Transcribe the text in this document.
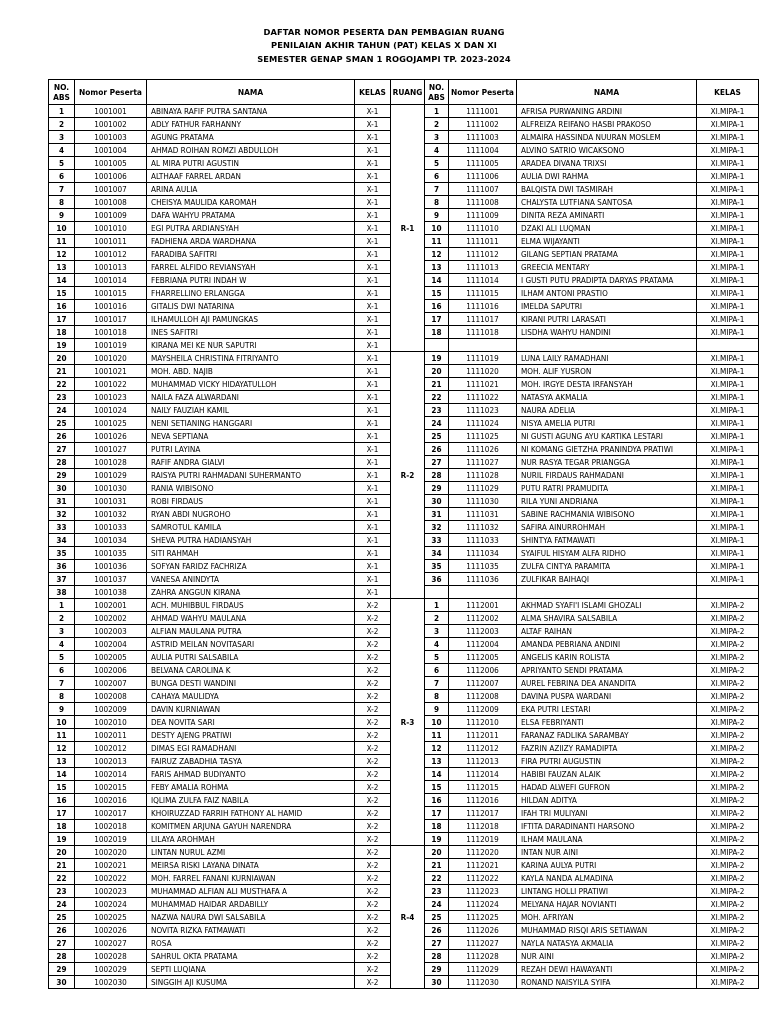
DAFTAR NOMOR PESERTA DAN PEMBAGIAN RUANG
PENILAIAN AKHIR TAHUN (PAT) KELAS X DAN XI
SEMESTER GENAP SMAN 1 ROGOJAMPI TP. 2023-2024
NO. ABS	Nomor Peserta	NAMA	KELAS	RUANG	NO. ABS	Nomor Peserta	NAMA	KELAS
1	1001001	ABINAYA RAFIF PUTRA SANTANA	X-1	R-1	1	1111001	AFRISA PURWANING ARDINI	XI.MIPA-1
2	1001002	ADLY FATHUR FARHANNY	X-1		2	1111002	ALFREIZA REIFANO HASBI PRAKOSO	XI.MIPA-1
3	1001003	AGUNG PRATAMA	X-1		3	1111003	ALMAIRA HASSINDA NUURAN MOSLEM	XI.MIPA-1
4	1001004	AHMAD ROIHAN ROMZI ABDULLOH	X-1		4	1111004	ALVINO SATRIO WICAKSONO	XI.MIPA-1
5	1001005	AL MIRA PUTRI AGUSTIN	X-1		5	1111005	ARADEA DIVANA TRIXSI	XI.MIPA-1
6	1001006	ALTHAAF FARREL ARDAN	X-1		6	1111006	AULIA DWI RAHMA	XI.MIPA-1
7	1001007	ARINA AULIA	X-1		7	1111007	BALQISTA DWI TASMIRAH	XI.MIPA-1
8	1001008	CHEISYA MAULIDA KAROMAH	X-1		8	1111008	CHALYSTA LUTFIANA SANTOSA	XI.MIPA-1
9	1001009	DAFA WAHYU PRATAMA	X-1		9	1111009	DINITA REZA AMINARTI	XI.MIPA-1
10	1001010	EGI PUTRA ARDIANSYAH	X-1		10	1111010	DZAKI ALI LUQMAN	XI.MIPA-1
11	1001011	FADHIENA ARDA WARDHANA	X-1		11	1111011	ELMA WIJAYANTI	XI.MIPA-1
12	1001012	FARADIBA SAFITRI	X-1		12	1111012	GILANG SEPTIAN PRATAMA	XI.MIPA-1
13	1001013	FARREL ALFIDO REVIANSYAH	X-1		13	1111013	GREECIA MENTARY	XI.MIPA-1
14	1001014	FEBRIANA PUTRI INDAH W	X-1		14	1111014	I GUSTI PUTU PRADIPTA DARYAS PRATAMA	XI.MIPA-1
15	1001015	FHARRELLINO ERLANGGA	X-1		15	1111015	ILHAM ANTONI PRASTIO	XI.MIPA-1
16	1001016	GITALIS DWI NATARINA	X-1		16	1111016	IMELDA SAPUTRI	XI.MIPA-1
17	1001017	ILHAMULLOH AJI PAMUNGKAS	X-1		17	1111017	KIRANI PUTRI LARASATI	XI.MIPA-1
18	1001018	INES SAFITRI	X-1		18	1111018	LISDHA WAHYU HANDINI	XI.MIPA-1
19	1001019	KIRANA MEI KE NUR SAPUTRI	X-1					
20	1001020	MAYSHEILA CHRISTINA FITRIYANTO	X-1	R-2	19	1111019	LUNA LAILY RAMADHANI	XI.MIPA-1
21	1001021	MOH. ABD. NAJIB	X-1		20	1111020	MOH. ALIF YUSRON	XI.MIPA-1
22	1001022	MUHAMMAD VICKY HIDAYATULLOH	X-1		21	1111021	MOH. IRGYE DESTA IRFANSYAH	XI.MIPA-1
23	1001023	NAILA FAZA ALWARDANI	X-1		22	1111022	NATASYA AKMALIA	XI.MIPA-1
24	1001024	NAILY FAUZIAH KAMIL	X-1		23	1111023	NAURA ADELIA	XI.MIPA-1
25	1001025	NENI SETIANING HANGGARI	X-1		24	1111024	NISYA AMELIA PUTRI	XI.MIPA-1
26	1001026	NEVA SEPTIANA	X-1		25	1111025	NI GUSTI AGUNG AYU KARTIKA LESTARI	XI.MIPA-1
27	1001027	PUTRI LAYINA	X-1		26	1111026	NI KOMANG GIETZHA PRANINDYA PRATIWI	XI.MIPA-1
28	1001028	RAFIF ANDRA GIALVI	X-1		27	1111027	NUR RASYA TEGAR PRIANGGA	XI.MIPA-1
29	1001029	RAISYA PUTRI RAHMADANI SUHERMANTO	X-1		28	1111028	NURIL FIRDAUS RAHMADANI	XI.MIPA-1
30	1001030	RANIA WIBISONO	X-1		29	1111029	PUTU RATRI PRAMUDITA	XI.MIPA-1
31	1001031	ROBI FIRDAUS	X-1		30	1111030	RILA YUNI ANDRIANA	XI.MIPA-1
32	1001032	RYAN ABDI NUGROHO	X-1		31	1111031	SABINE RACHMANIA WIBISONO	XI.MIPA-1
33	1001033	SAMROTUL KAMILA	X-1		32	1111032	SAFIRA AINURROHMAH	XI.MIPA-1
34	1001034	SHEVA PUTRA HADIANSYAH	X-1		33	1111033	SHINTYA FATMAWATI	XI.MIPA-1
35	1001035	SITI RAHMAH	X-1		34	1111034	SYAIFUL HISYAM ALFA RIDHO	XI.MIPA-1
36	1001036	SOFYAN FARIDZ FACHRIZA	X-1		35	1111035	ZULFA CINTYA PARAMITA	XI.MIPA-1
37	1001037	VANESA ANINDYTA	X-1		36	1111036	ZULFIKAR BAIHAQI	XI.MIPA-1
38	1001038	ZAHRA ANGGUN KIRANA	X-1					
1	1002001	ACH. MUHIBBUL FIRDAUS	X-2	R-3	1	1112001	AKHMAD SYAFI'I ISLAMI GHOZALI	XI.MIPA-2
2	1002002	AHMAD WAHYU MAULANA	X-2		2	1112002	ALMA SHAVIRA SALSABILA	XI.MIPA-2
3	1002003	ALFIAN MAULANA PUTRA	X-2		3	1112003	ALTAF RAIHAN	XI.MIPA-2
4	1002004	ASTRID MEILAN NOVITASARI	X-2		4	1112004	AMANDA PEBRIANA ANDINI	XI.MIPA-2
5	1002005	AULIA PUTRI SALSABILA	X-2		5	1112005	ANGELIS KARIN ROLISTA	XI.MIPA-2
6	1002006	BELVANA CAROLINA K	X-2		6	1112006	APRIYANTO SENDI PRATAMA	XI.MIPA-2
7	1002007	BUNGA DESTI WANDINI	X-2		7	1112007	AUREL FEBRINA DEA ANANDITA	XI.MIPA-2
8	1002008	CAHAYA MAULIDYA	X-2		8	1112008	DAVINA PUSPA WARDANI	XI.MIPA-2
9	1002009	DAVIN KURNIAWAN	X-2		9	1112009	EKA PUTRI LESTARI	XI.MIPA-2
10	1002010	DEA NOVITA SARI	X-2		10	1112010	ELSA FEBRIYANTI	XI.MIPA-2
11	1002011	DESTY AJENG PRATIWI	X-2		11	1112011	FARANAZ FADLIKA SARAMBAY	XI.MIPA-2
12	1002012	DIMAS EGI RAMADHANI	X-2		12	1112012	FAZRIN AZIIZY RAMADIPTA	XI.MIPA-2
13	1002013	FAIRUZ ZABADHIA TASYA	X-2		13	1112013	FIRA PUTRI AUGUSTIN	XI.MIPA-2
14	1002014	FARIS AHMAD BUDIYANTO	X-2		14	1112014	HABIBI FAUZAN ALAIK	XI.MIPA-2
15	1002015	FEBY AMALIA ROHMA	X-2		15	1112015	HADAD ALWEFI GUFRON	XI.MIPA-2
16	1002016	IQLIMA ZULFA FAIZ NABILA	X-2		16	1112016	HILDAN ADITYA	XI.MIPA-2
17	1002017	KHOIRUZZAD FARRIH FATHONY AL HAMID	X-2		17	1112017	IFAH TRI MULIYANI	XI.MIPA-2
18	1002018	KOMITMEN ARJUNA GAYUH NARENDRA	X-2		18	1112018	IFTITA DARADINANTI HARSONO	XI.MIPA-2
19	1002019	LILAYA AROHMAH	X-2		19	1112019	ILHAM MAULANA	XI.MIPA-2
20	1002020	LINTAN NURUL AZMI	X-2	R-4	20	1112020	INTAN NUR AINI	XI.MIPA-2
21	1002021	MEIRSA RISKI LAYANA DINATA	X-2		21	1112021	KARINA AULYA PUTRI	XI.MIPA-2
22	1002022	MOH. FARREL FANANI KURNIAWAN	X-2		22	1112022	KAYLA NANDA ALMADINA	XI.MIPA-2
23	1002023	MUHAMMAD ALFIAN ALI MUSTHAFA A	X-2		23	1112023	LINTANG HOLLI PRATIWI	XI.MIPA-2
24	1002024	MUHAMMAD HAIDAR ARDABILLY	X-2		24	1112024	MELYANA HAJAR NOVIANTI	XI.MIPA-2
25	1002025	NAZWA NAURA DWI SALSABILA	X-2		25	1112025	MOH. AFRIYAN	XI.MIPA-2
26	1002026	NOVITA RIZKA FATMAWATI	X-2		26	1112026	MUHAMMAD RISQI ARIS SETIAWAN	XI.MIPA-2
27	1002027	ROSA	X-2		27	1112027	NAYLA NATASYA AKMALIA	XI.MIPA-2
28	1002028	SAHRUL OKTA PRATAMA	X-2		28	1112028	NUR AINI	XI.MIPA-2
29	1002029	SEPTI LUQIANA	X-2		29	1112029	REZAH DEWI HAWAYANTI	XI.MIPA-2
30	1002030	SINGGIH AJI KUSUMA	X-2		30	1112030	RONAND NAISYILA SYIFA	XI.MIPA-2
